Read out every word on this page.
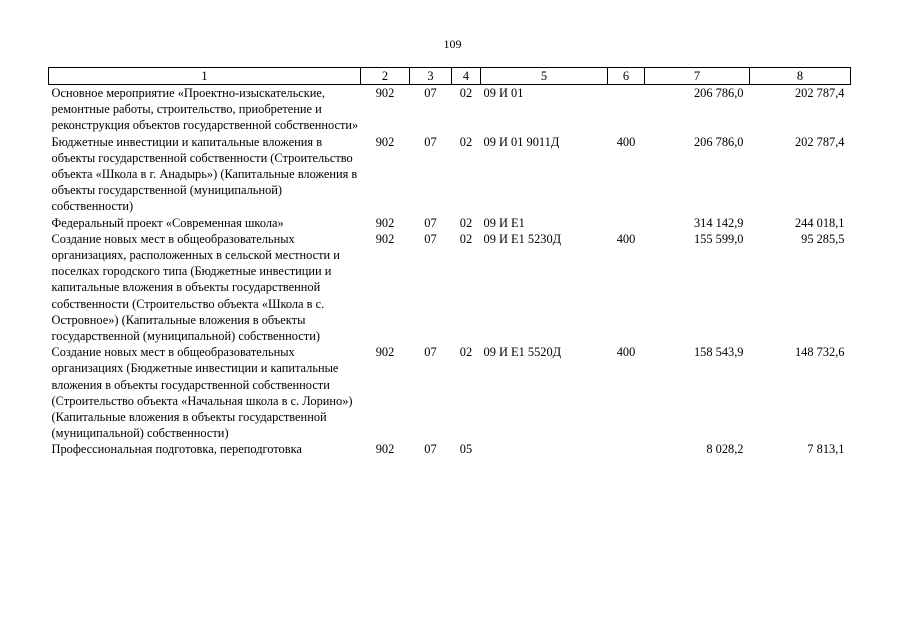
109
1	2	3	4	5	6	7	8
Основное мероприятие «Проектно-изыскательские, ремонтные работы, строительство, приобретение и реконструкция объектов государственной собственности»	902	07	02	09 И 01		206 786,0	202 787,4
Бюджетные инвестиции и капитальные вложения в объекты государственной собственности (Строительство объекта «Школа в г. Анадырь») (Капитальные вложения в объекты государственной (муниципальной) собственности)	902	07	02	09 И 01 9011Д	400	206 786,0	202 787,4
Федеральный проект «Современная школа»	902	07	02	09 И Е1		314 142,9	244 018,1
Создание новых мест в общеобразовательных организациях, расположенных в сельской местности и поселках городского типа (Бюджетные инвестиции и капитальные вложения в объекты государственной собственности (Строительство объекта «Школа в с. Островное») (Капитальные вложения в объекты государственной (муниципальной) собственности)	902	07	02	09 И Е1 5230Д	400	155 599,0	95 285,5
Создание новых мест в общеобразовательных организациях (Бюджетные инвестиции и капитальные вложения в объекты государственной собственности (Строительство объекта «Начальная школа в с. Лорино») (Капитальные вложения в объекты государственной (муниципальной) собственности)	902	07	02	09 И Е1 5520Д	400	158 543,9	148 732,6
Профессиональная подготовка, переподготовка	902	07	05			8 028,2	7 813,1
